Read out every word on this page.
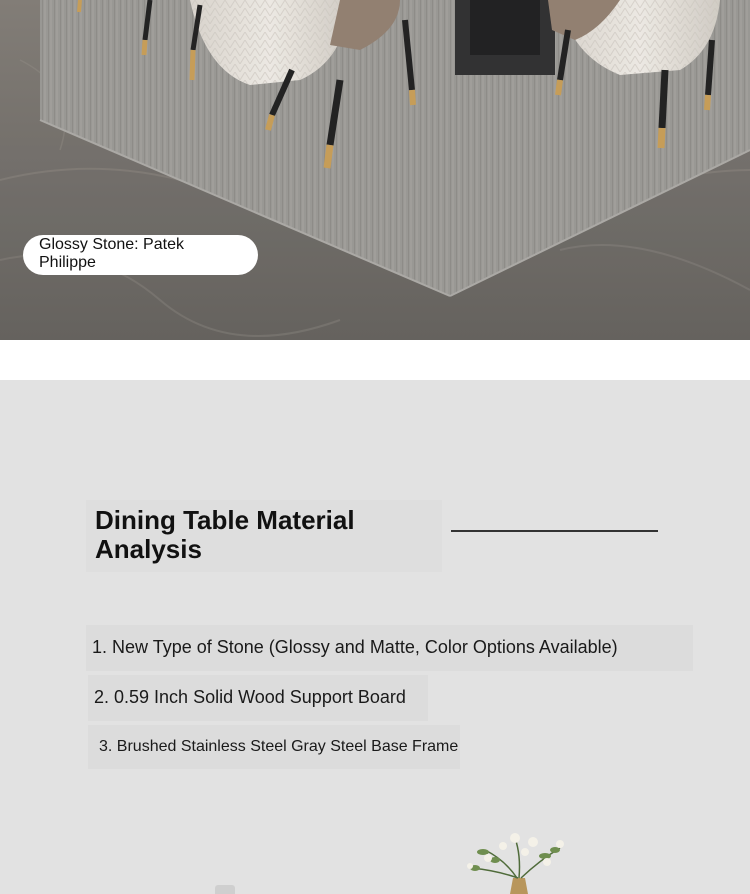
Glossy Stone: Patek Philippe
Dining Table Material Analysis
1. New Type of Stone (Glossy and Matte, Color Options Available)
2. 0.59 Inch Solid Wood Support Board
3. Brushed Stainless Steel Gray Steel Base Frame
